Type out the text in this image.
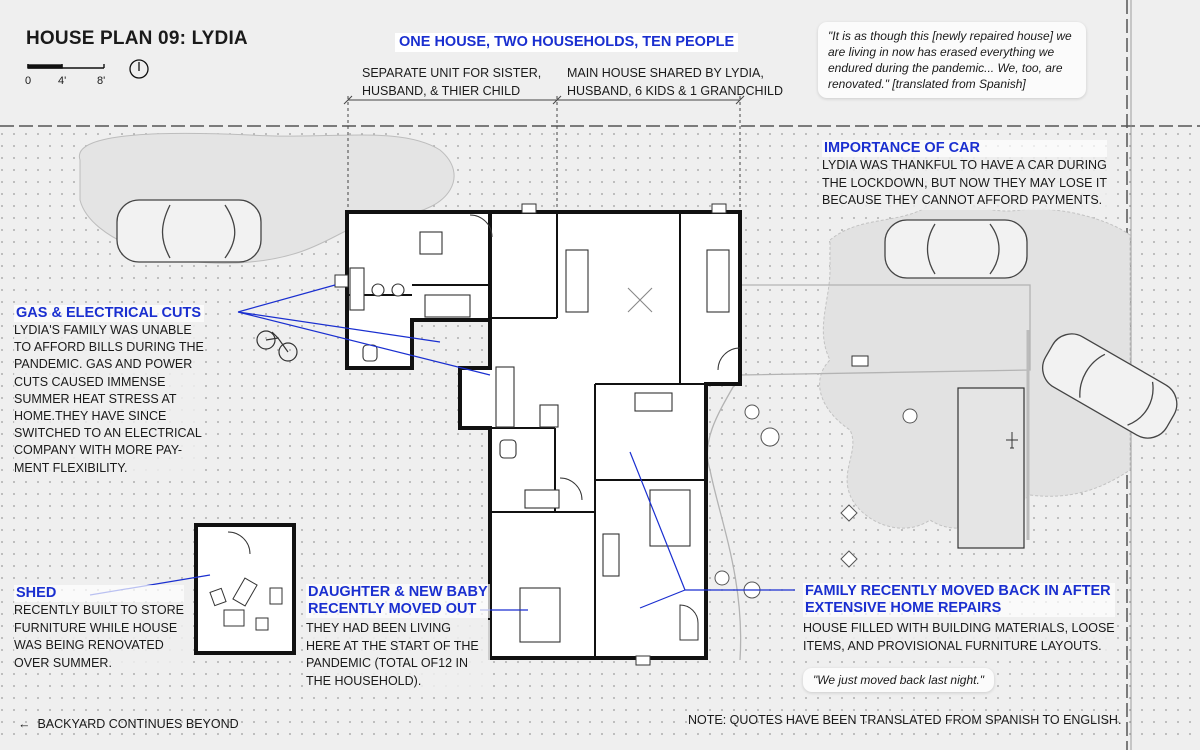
HOUSE PLAN 09: LYDIA
0 4'	8'
ONE HOUSE, TWO HOUSEHOLDS, TEN PEOPLE
SEPARATE UNIT FOR SISTER,
HUSBAND, & THIER CHILD
MAIN HOUSE SHARED BY LYDIA,
HUSBAND, 6 KIDS & 1 GRANDCHILD
"It is as though this [newly repaired house] we
are living in now has erased everything we
endured during the pandemic... We, too, are
renovated." [translated from Spanish]
IMPORTANCE OF CAR
LYDIA WAS THANKFUL TO HAVE A CAR DURING
THE LOCKDOWN, BUT NOW THEY MAY LOSE IT
BECAUSE THEY CANNOT AFFORD PAYMENTS.
GAS & ELECTRICAL CUTS
LYDIA'S FAMILY WAS UNABLE
TO AFFORD BILLS DURING THE
PANDEMIC. GAS AND POWER
CUTS CAUSED IMMENSE
SUMMER HEAT STRESS AT
HOME.THEY HAVE SINCE
SWITCHED TO AN ELECTRICAL
COMPANY WITH MORE PAY-
MENT FLEXIBILITY.
SHED
RECENTLY BUILT TO STORE
FURNITURE WHILE HOUSE
WAS BEING RENOVATED
OVER SUMMER.
DAUGHTER & NEW BABY
RECENTLY MOVED OUT
THEY HAD BEEN LIVING
HERE AT THE START OF THE
PANDEMIC (TOTAL OF12 IN
THE HOUSEHOLD).
FAMILY RECENTLY MOVED BACK IN AFTER
EXTENSIVE HOME REPAIRS
HOUSE FILLED WITH BUILDING MATERIALS, LOOSE
ITEMS, AND PROVISIONAL FURNITURE LAYOUTS.
"We just moved back last night."
← BACKYARD CONTINUES BEYOND	NOTE: QUOTES HAVE BEEN TRANSLATED FROM SPANISH TO ENGLISH.
